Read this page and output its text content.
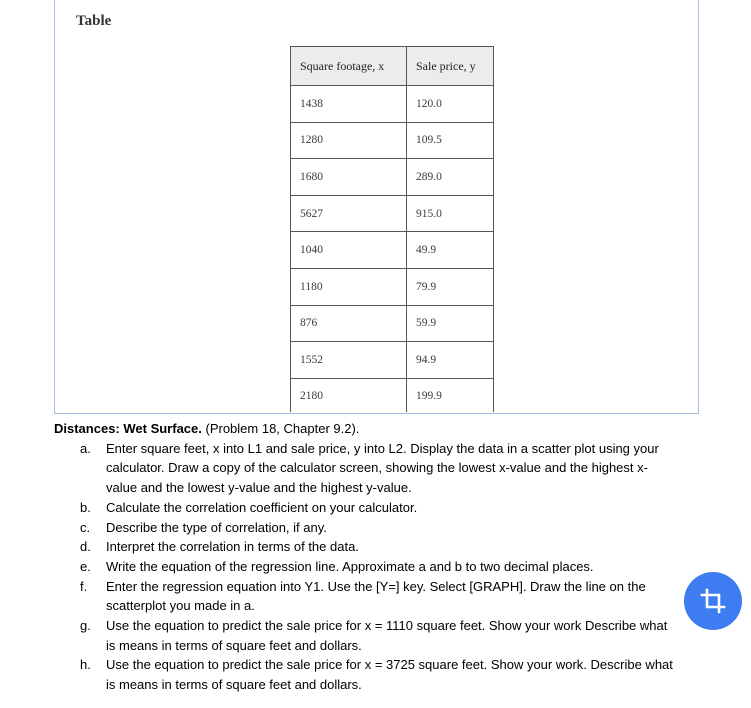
Table
Square footage, x	Sale price, y
1438	120.0
1280	109.5
1680	289.0
5627	915.0
1040	49.9
1180	79.9
876	59.9
1552	94.9
2180	199.9
Distances: Wet Surface. (Problem 18, Chapter 9.2).
a.	Enter square feet, x into L1 and sale price, y into L2. Display the data in a scatter plot using your calculator. Draw a copy of the calculator screen, showing the lowest x-value and the highest x-value and the lowest y-value and the highest y-value.
b.	Calculate the correlation coefficient on your calculator.
c.	Describe the type of correlation, if any.
d.	Interpret the correlation in terms of the data.
e.	Write the equation of the regression line. Approximate a and b to two decimal places.
f.	Enter the regression equation into Y1. Use the [Y=] key. Select [GRAPH]. Draw the line on the scatterplot you made in a.
g.	Use the equation to predict the sale price for x = 1110 square feet. Show your work Describe what is means in terms of square feet and dollars.
h.	Use the equation to predict the sale price for x = 3725 square feet. Show your work. Describe what is means in terms of square feet and dollars.
